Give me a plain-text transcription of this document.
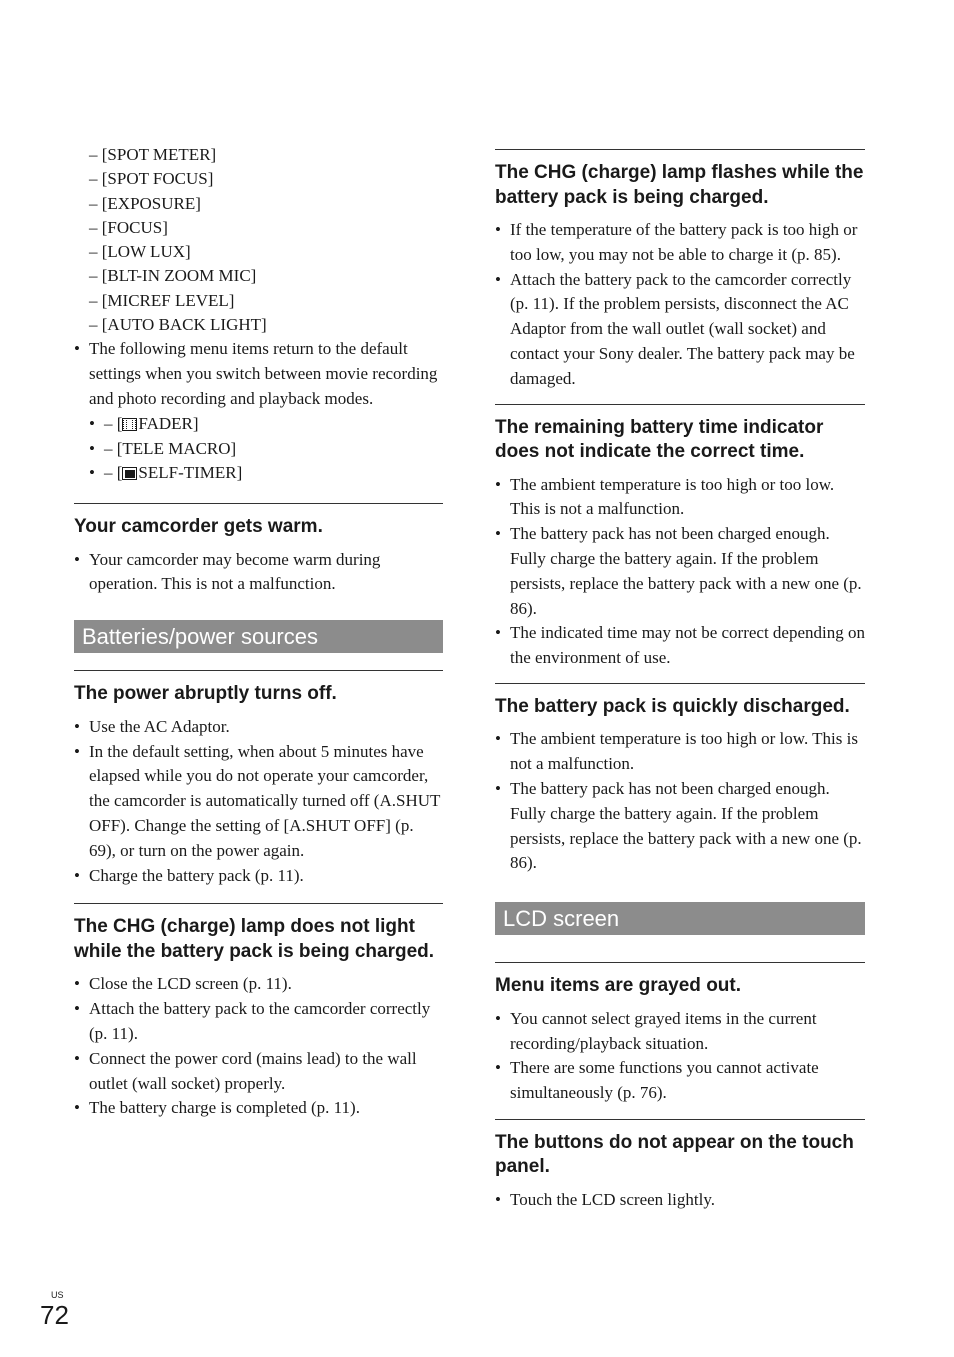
– [SPOT METER]
– [SPOT FOCUS]
– [EXPOSURE]
– [FOCUS]
– [LOW LUX]
– [BLT-IN ZOOM MIC]
– [MICREF LEVEL]
– [AUTO BACK LIGHT]
• The following menu items return to the default settings when you switch between movie recording and photo recording and playback modes.
• – [ FADER]
• – [TELE MACRO]
• – [ SELF-TIMER]
Your camcorder gets warm.
• Your camcorder may become warm during operation. This is not a malfunction.
Batteries/power sources
The power abruptly turns off.
• Use the AC Adaptor.
• In the default setting, when about 5 minutes have elapsed while you do not operate your camcorder, the camcorder is automatically turned off (A.SHUT OFF). Change the setting of [A.SHUT OFF] (p. 69), or turn on the power again.
• Charge the battery pack (p. 11).
The CHG (charge) lamp does not light while the battery pack is being charged.
• Close the LCD screen (p. 11).
• Attach the battery pack to the camcorder correctly (p. 11).
• Connect the power cord (mains lead) to the wall outlet (wall socket) properly.
• The battery charge is completed (p. 11).
The CHG (charge) lamp flashes while the battery pack is being charged.
• If the temperature of the battery pack is too high or too low, you may not be able to charge it (p. 85).
• Attach the battery pack to the camcorder correctly (p. 11). If the problem persists, disconnect the AC Adaptor from the wall outlet (wall socket) and contact your Sony dealer. The battery pack may be damaged.
The remaining battery time indicator does not indicate the correct time.
• The ambient temperature is too high or too low. This is not a malfunction.
• The battery pack has not been charged enough. Fully charge the battery again. If the problem persists, replace the battery pack with a new one (p. 86).
• The indicated time may not be correct depending on the environment of use.
The battery pack is quickly discharged.
• The ambient temperature is too high or low. This is not a malfunction.
• The battery pack has not been charged enough. Fully charge the battery again. If the problem persists, replace the battery pack with a new one (p. 86).
LCD screen
Menu items are grayed out.
• You cannot select grayed items in the current recording/playback situation.
• There are some functions you cannot activate simultaneously (p. 76).
The buttons do not appear on the touch panel.
• Touch the LCD screen lightly.
US
72
